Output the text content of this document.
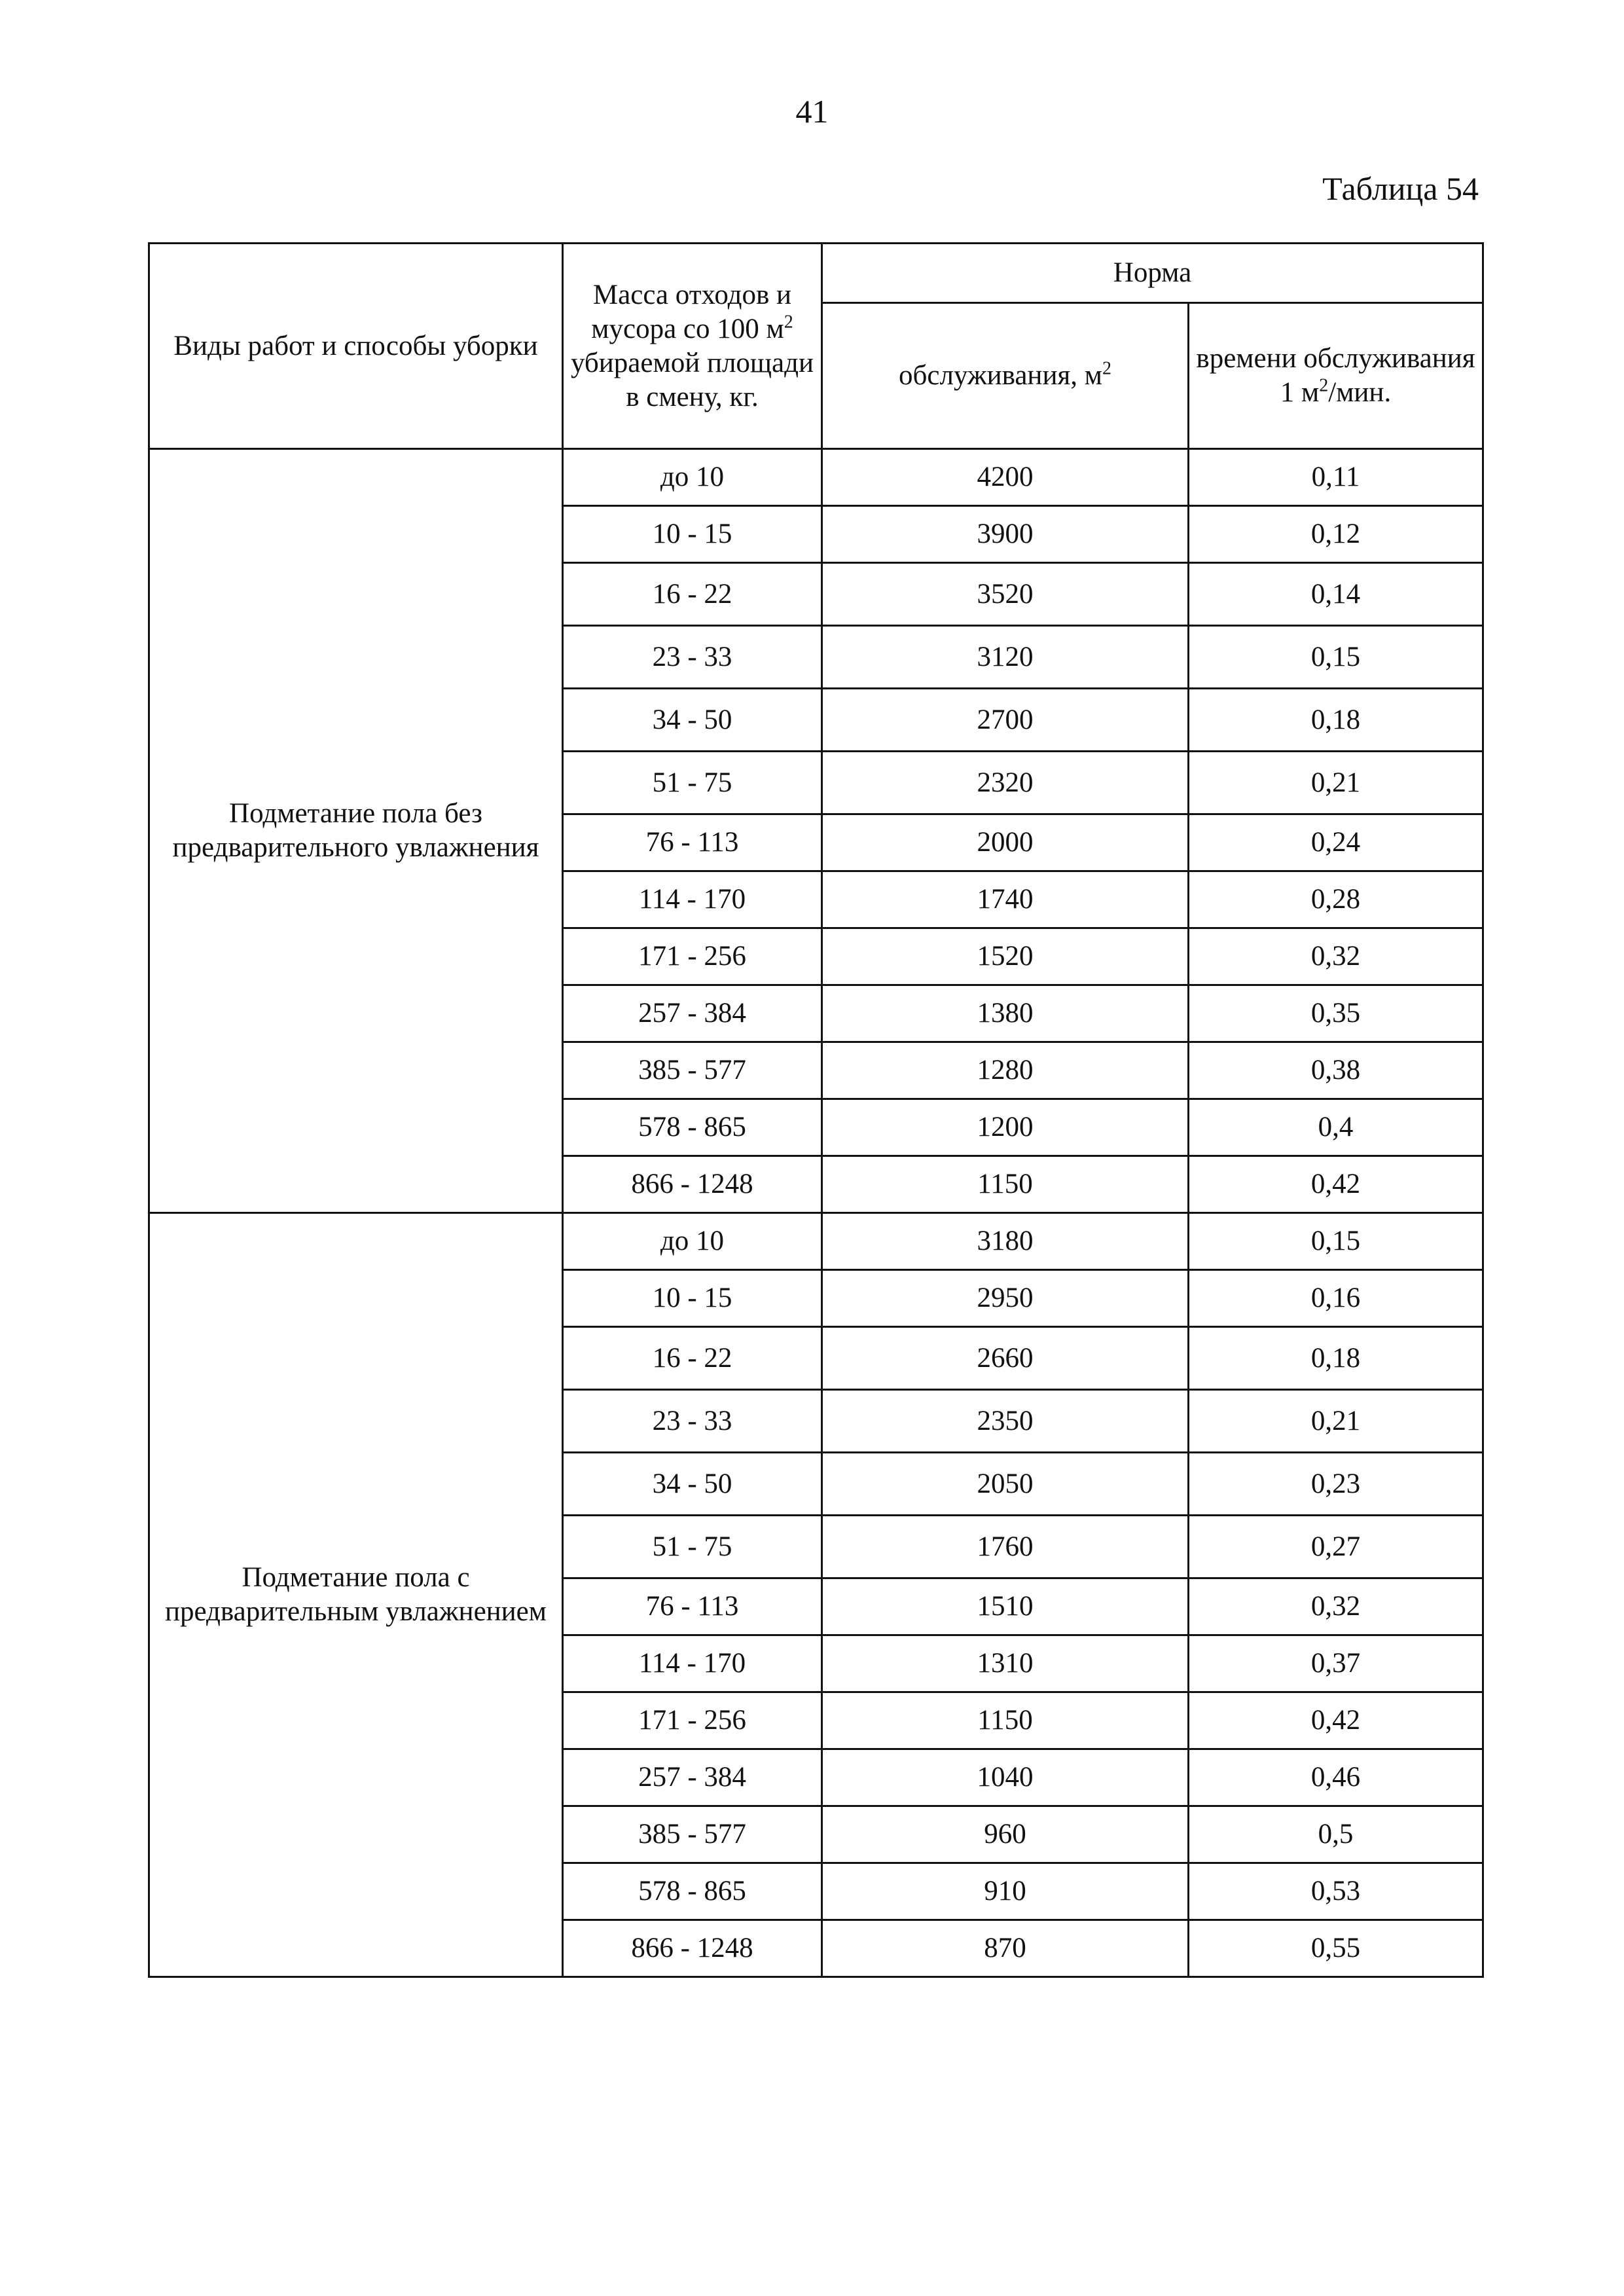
41
Таблица 54
Виды работ и способы уборки	Масса отходов и мусора со 100 $м^2$ убираемой площади в смену, кг.	Норма	
		обслуживания, $м^2$	времени обслуживания 1 $м^2$/мин.

Подметание пола без предварительного увлажнения	до 10	4200	0,11
	10 - 15	3900	0,12
	16 - 22	3520	0,14
	23 - 33	3120	0,15
	34 - 50	2700	0,18
	51 - 75	2320	0,21
	76 - 113	2000	0,24
	114 - 170	1740	0,28
	171 - 256	1520	0,32
	257 - 384	1380	0,35
	385 - 577	1280	0,38
	578 - 865	1200	0,4
	866 - 1248	1150	0,42

Подметание пола с предварительным увлажнением	до 10	3180	0,15
	10 - 15	2950	0,16
	16 - 22	2660	0,18
	23 - 33	2350	0,21
	34 - 50	2050	0,23
	51 - 75	1760	0,27
	76 - 113	1510	0,32
	114 - 170	1310	0,37
	171 - 256	1150	0,42
	257 - 384	1040	0,46
	385 - 577	960	0,5
	578 - 865	910	0,53
	866 - 1248	870	0,55
